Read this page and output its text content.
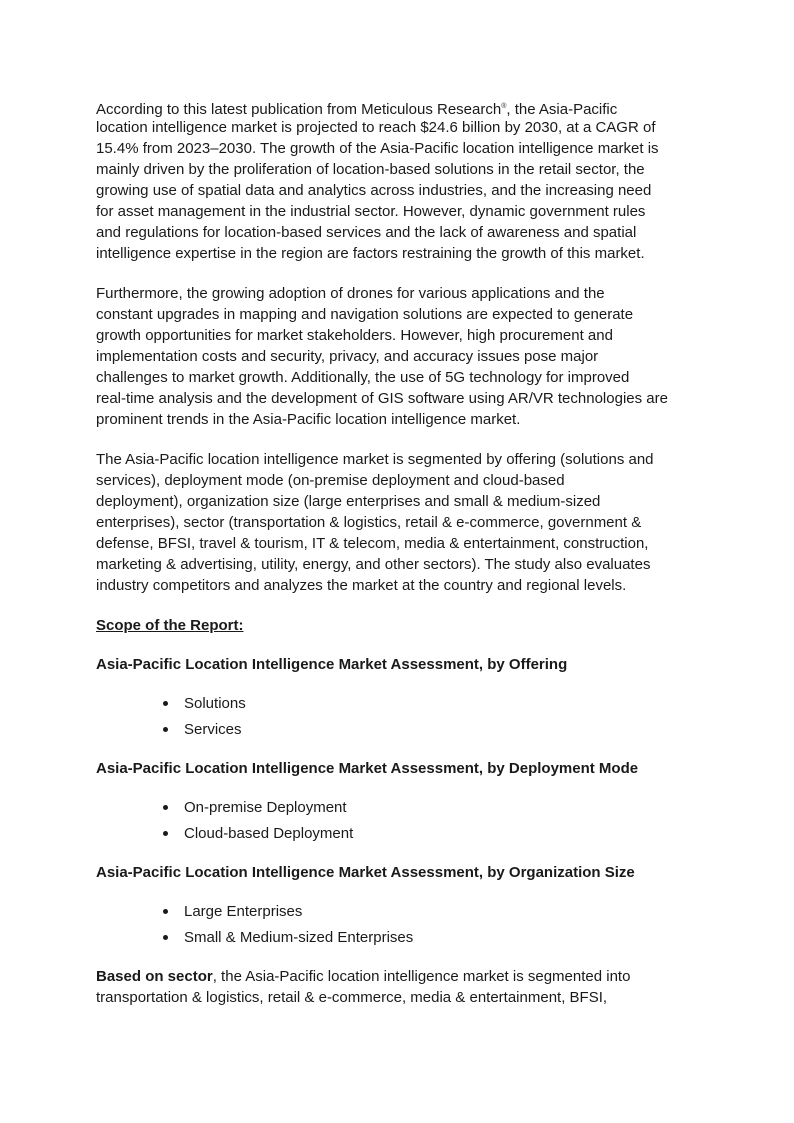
According to this latest publication from Meticulous Research®, the Asia-Pacific
location intelligence market is projected to reach $24.6 billion by 2030, at a CAGR of
15.4% from 2023–2030. The growth of the Asia-Pacific location intelligence market is
mainly driven by the proliferation of location-based solutions in the retail sector, the
growing use of spatial data and analytics across industries, and the increasing need
for asset management in the industrial sector. However, dynamic government rules
and regulations for location-based services and the lack of awareness and spatial
intelligence expertise in the region are factors restraining the growth of this market.

Furthermore, the growing adoption of drones for various applications and the
constant upgrades in mapping and navigation solutions are expected to generate
growth opportunities for market stakeholders. However, high procurement and
implementation costs and security, privacy, and accuracy issues pose major
challenges to market growth. Additionally, the use of 5G technology for improved
real-time analysis and the development of GIS software using AR/VR technologies are
prominent trends in the Asia-Pacific location intelligence market.

The Asia-Pacific location intelligence market is segmented by offering (solutions and
services), deployment mode (on-premise deployment and cloud-based
deployment), organization size (large enterprises and small & medium-sized
enterprises), sector (transportation & logistics, retail & e-commerce, government &
defense, BFSI, travel & tourism, IT & telecom, media & entertainment, construction,
marketing & advertising, utility, energy, and other sectors). The study also evaluates
industry competitors and analyzes the market at the country and regional levels.

Scope of the Report:
Asia-Pacific Location Intelligence Market Assessment, by Offering
Solutions
Services
Asia-Pacific Location Intelligence Market Assessment, by Deployment Mode
On-premise Deployment
Cloud-based Deployment
Asia-Pacific Location Intelligence Market Assessment, by Organization Size
Large Enterprises
Small & Medium-sized Enterprises

Based on sector, the Asia-Pacific location intelligence market is segmented into
transportation & logistics, retail & e-commerce, media & entertainment, BFSI,
